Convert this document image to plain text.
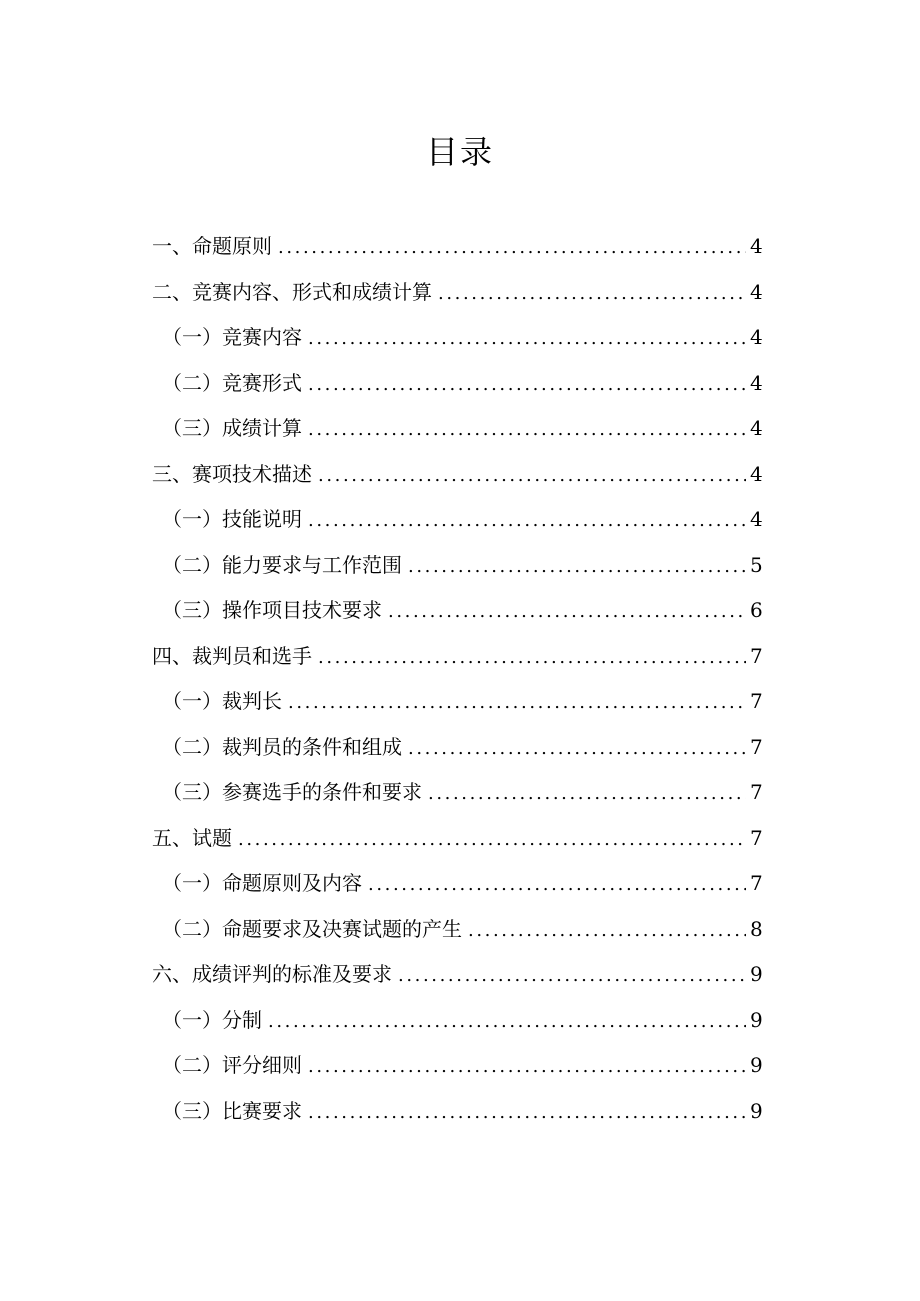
目录
一、命题原则 .....	4
二、竞赛内容、形式和成绩计算 .....	4
（一）竞赛内容 .....	4
（二）竞赛形式 .....	4
（三）成绩计算 .....	4
三、赛项技术描述 .....	4
（一）技能说明 .....	4
（二）能力要求与工作范围 .....	5
（三）操作项目技术要求 .....	6
四、裁判员和选手 .....	7
（一）裁判长 .....	7
（二）裁判员的条件和组成 .....	7
（三）参赛选手的条件和要求 .....	7
五、试题 .....	7
（一）命题原则及内容 .....	7
（二）命题要求及决赛试题的产生 .....	8
六、成绩评判的标准及要求 .....	9
（一）分制 .....	9
（二）评分细则 .....	9
（三）比赛要求 .....	9
